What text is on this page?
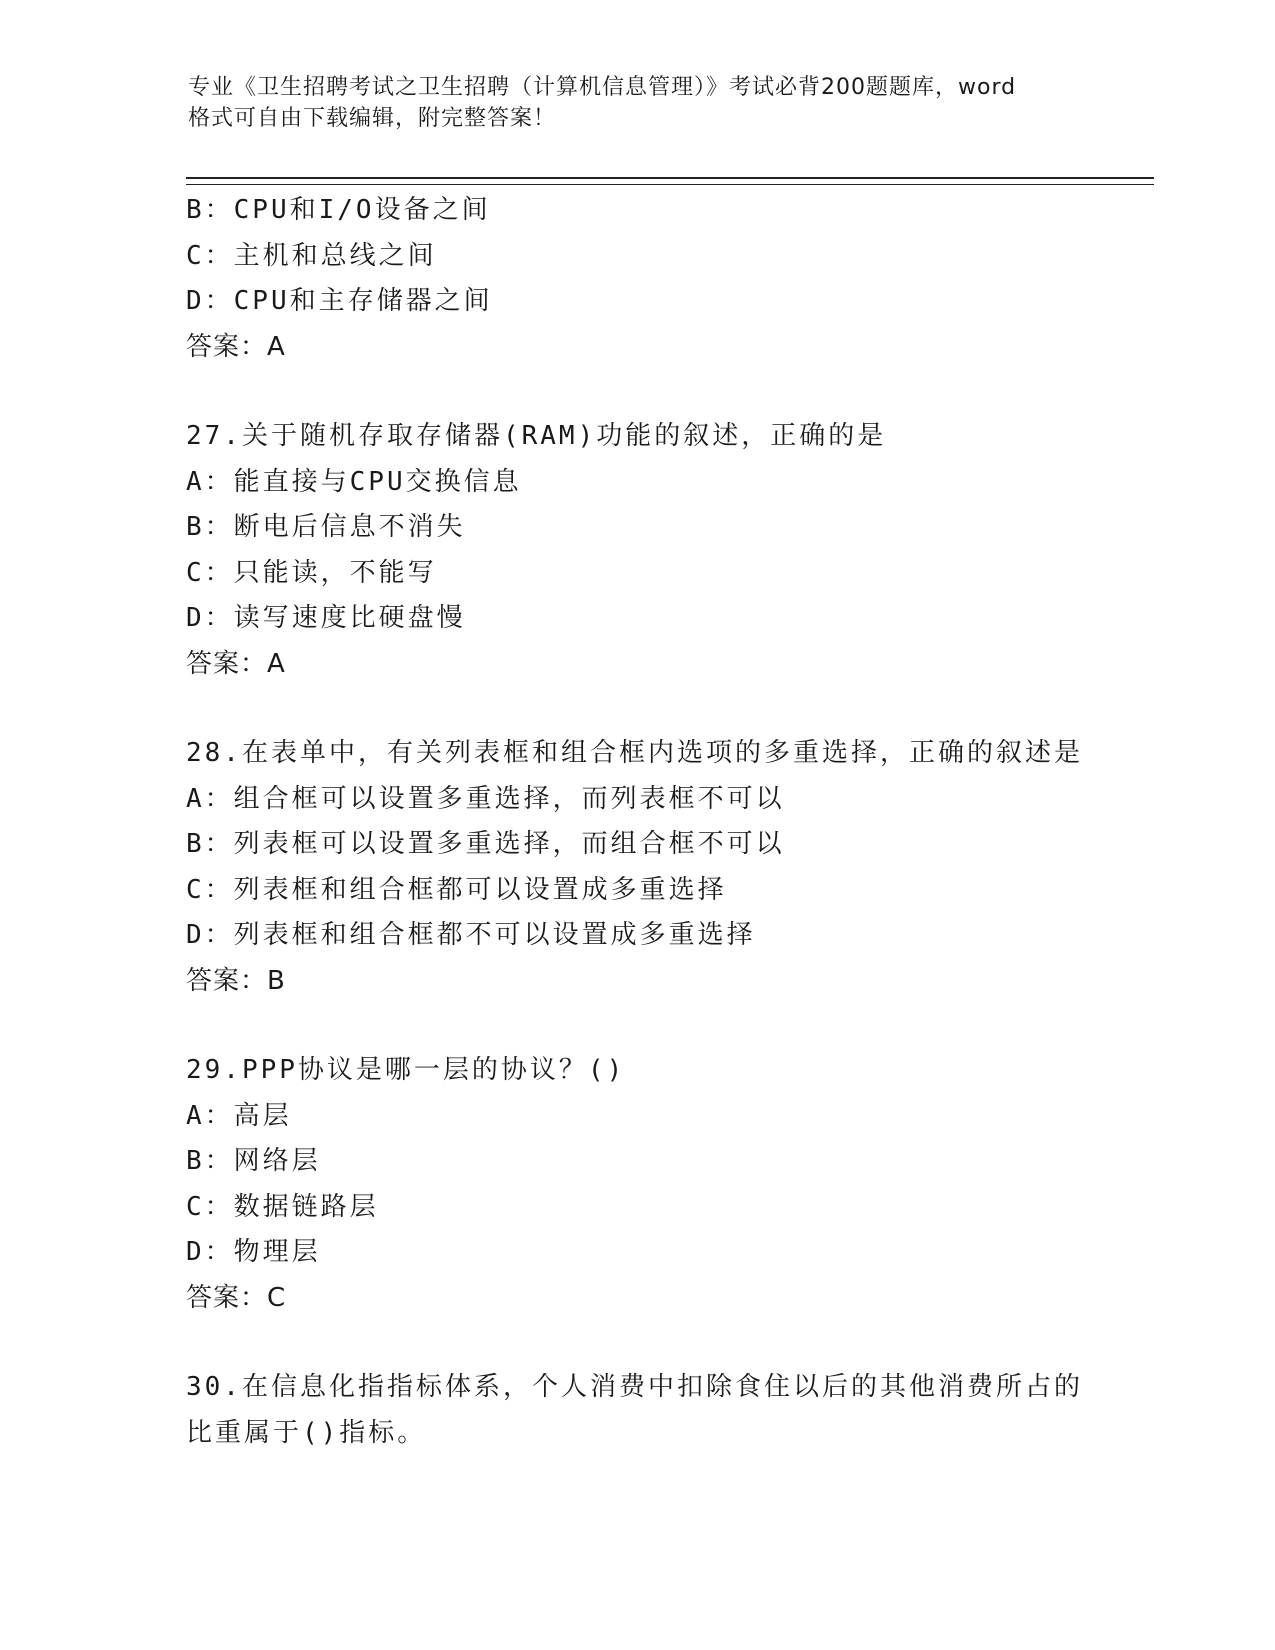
专业《卫生招聘考试之卫生招聘（计算机信息管理）》考试必背200题题库，word
格式可自由下载编辑，附完整答案！
B：CPU和I/O设备之间
C：主机和总线之间
D：CPU和主存储器之间
答案：A
27.关于随机存取存储器(RAM)功能的叙述，正确的是
A：能直接与CPU交换信息
B：断电后信息不消失
C：只能读，不能写
D：读写速度比硬盘慢
答案：A
28.在表单中，有关列表框和组合框内选项的多重选择，正确的叙述是
A：组合框可以设置多重选择，而列表框不可以
B：列表框可以设置多重选择，而组合框不可以
C：列表框和组合框都可以设置成多重选择
D：列表框和组合框都不可以设置成多重选择
答案：B
29.PPP协议是哪一层的协议？()
A：高层
B：网络层
C：数据链路层
D：物理层
答案：C
30.在信息化指指标体系，个人消费中扣除食住以后的其他消费所占的
比重属于()指标。
